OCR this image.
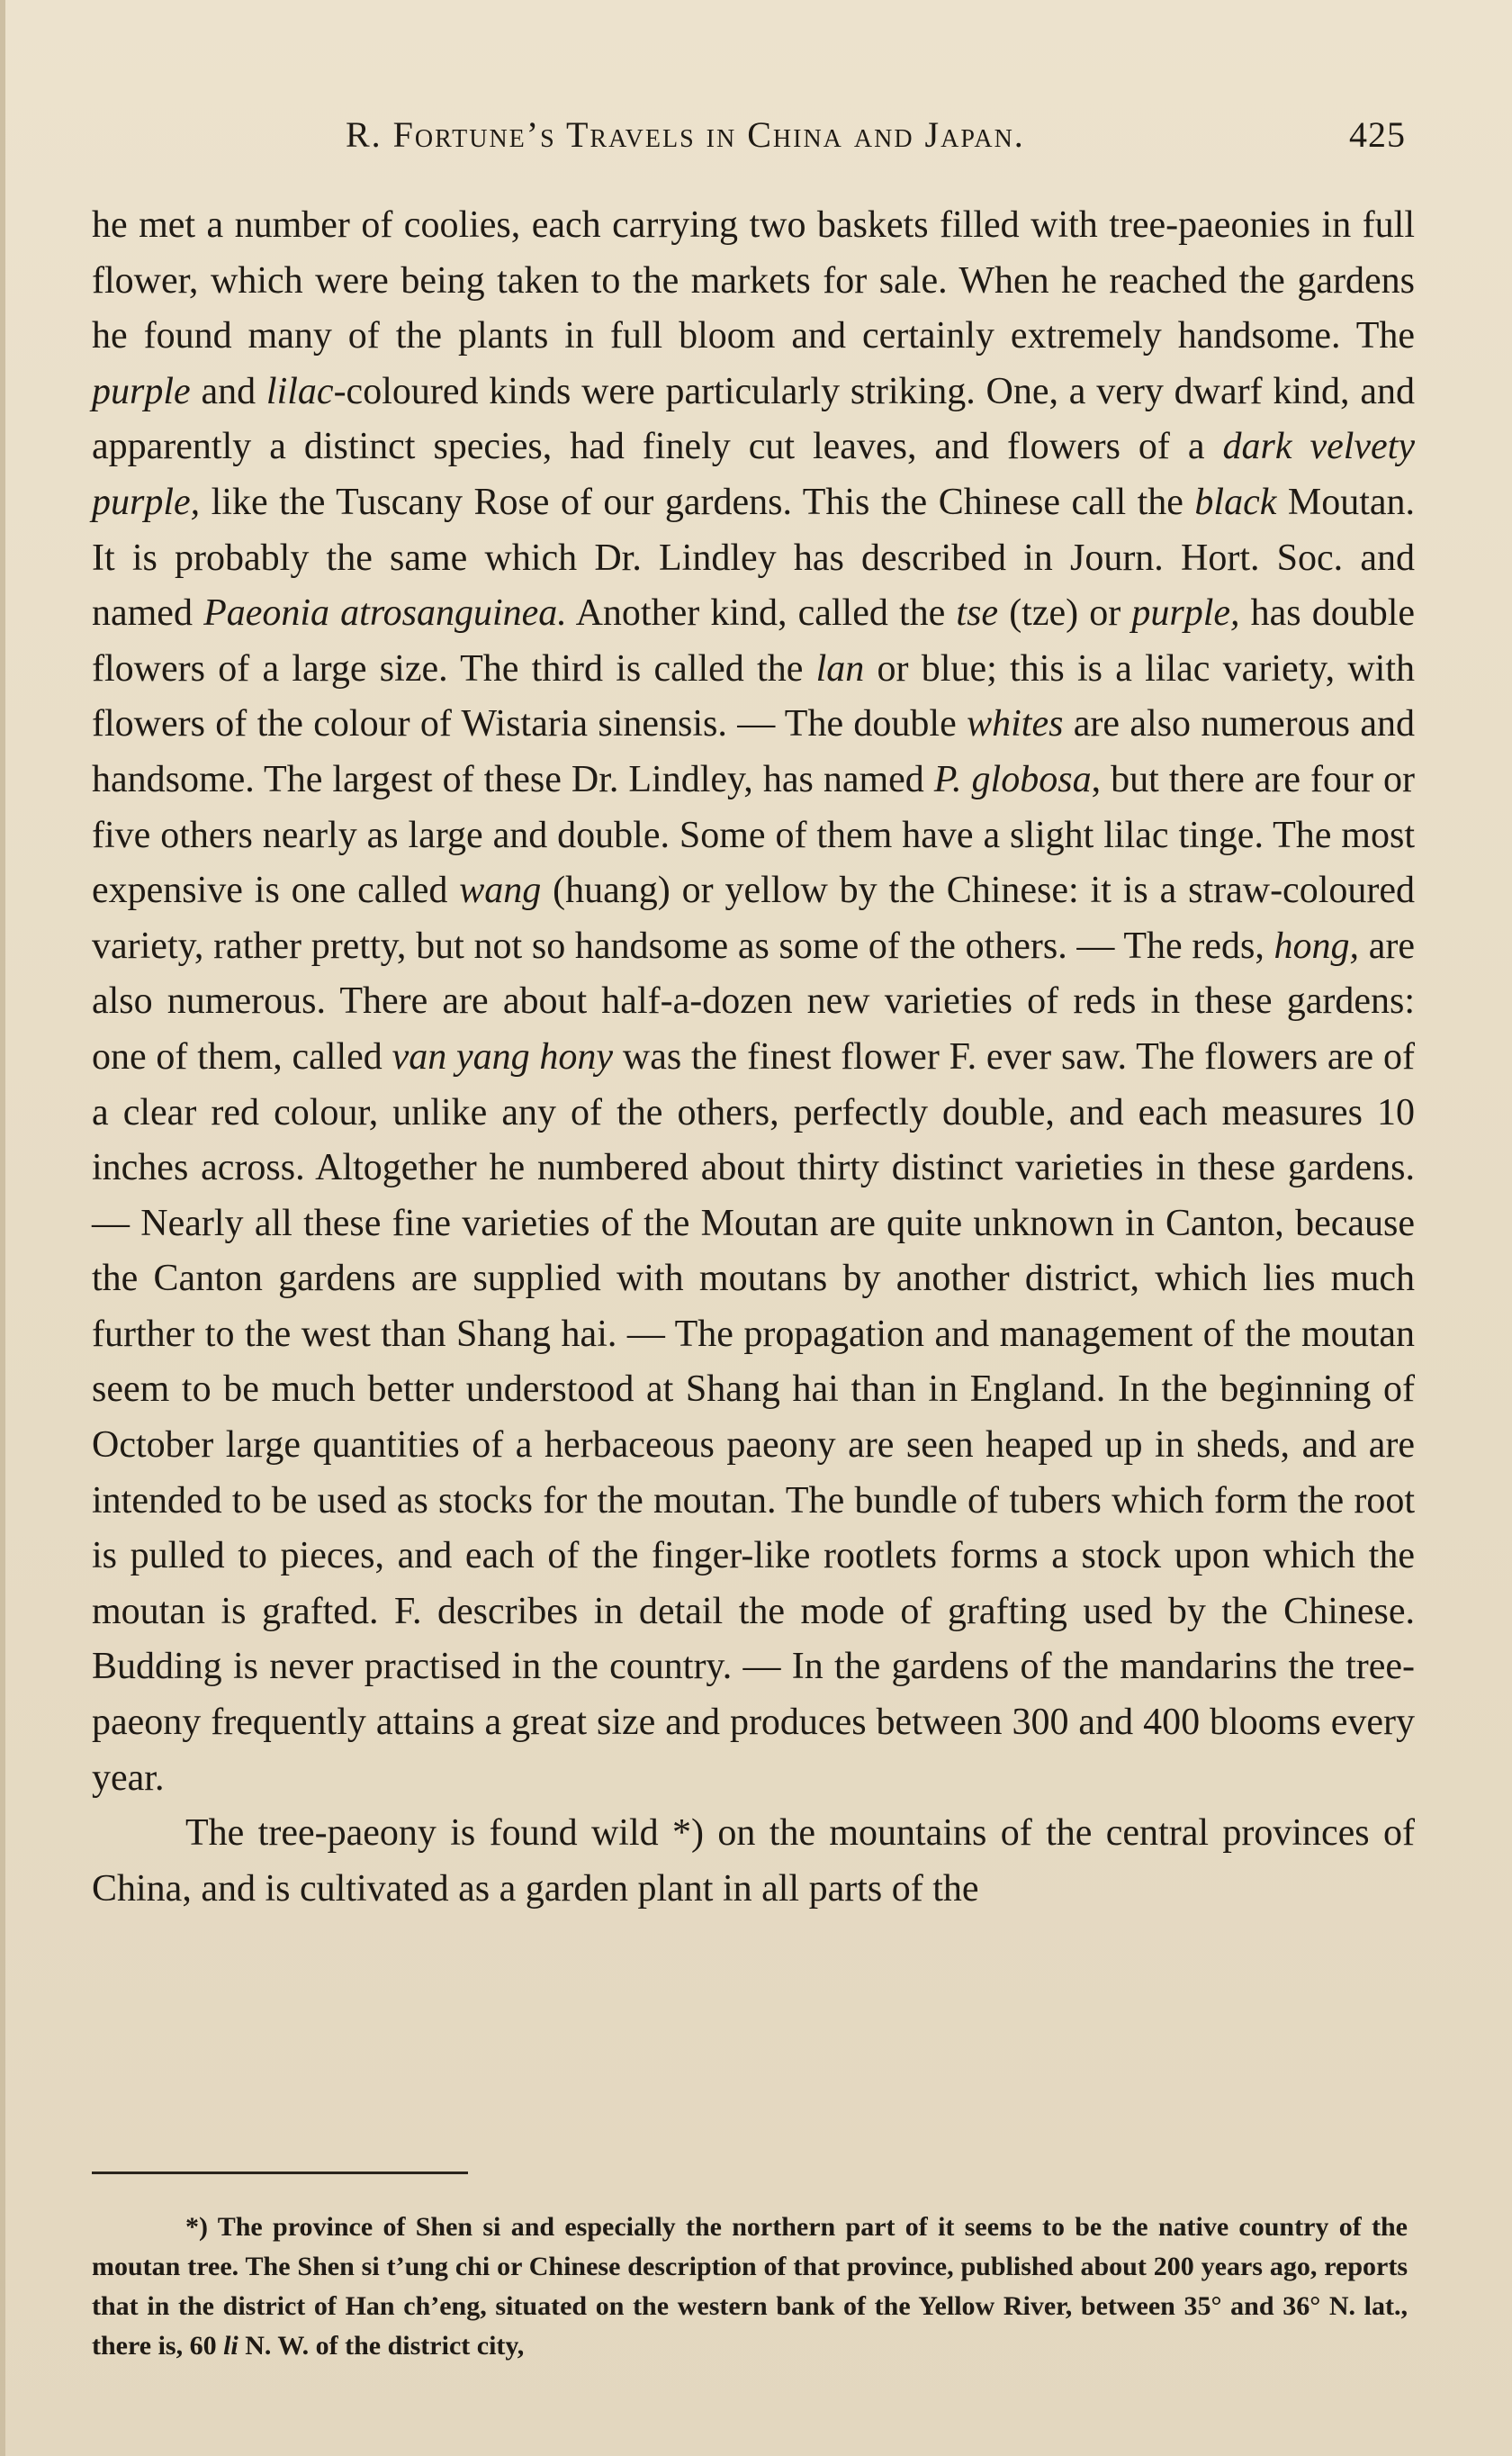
R. Fortune’s Travels in China and Japan.	425

he met a number of coolies, each carrying two baskets filled with tree-paeonies in full flower, which were being taken to the markets for sale. When he reached the gardens he found many of the plants in full bloom and certainly extremely handsome. The purple and lilac-coloured kinds were particularly striking. One, a very dwarf kind, and apparently a distinct species, had finely cut leaves, and flowers of a dark velvety purple, like the Tuscany Rose of our gardens. This the Chinese call the black Moutan. It is probably the same which Dr. Lindley has described in Journ. Hort. Soc. and named Paeonia atrosanguinea. Another kind, called the tse (tze) or purple, has double flowers of a large size. The third is called the lan or blue; this is a lilac variety, with flowers of the colour of Wistaria sinensis. — The double whites are also numerous and handsome. The largest of these Dr. Lindley, has named P. globosa, but there are four or five others nearly as large and double. Some of them have a slight lilac tinge. The most expensive is one called wang (huang) or yellow by the Chinese: it is a straw-coloured variety, rather pretty, but not so handsome as some of the others. — The reds, hong, are also numerous. There are about half-a-dozen new varieties of reds in these gardens: one of them, called van yang hony was the finest flower F. ever saw. The flowers are of a clear red colour, unlike any of the others, perfectly double, and each measures 10 inches across. Altogether he numbered about thirty distinct varieties in these gardens. — Nearly all these fine varieties of the Moutan are quite unknown in Canton, because the Canton gardens are supplied with moutans by another district, which lies much further to the west than Shang hai. — The propagation and management of the moutan seem to be much better understood at Shang hai than in England. In the beginning of October large quantities of a herbaceous paeony are seen heaped up in sheds, and are intended to be used as stocks for the moutan. The bundle of tubers which form the root is pulled to pieces, and each of the finger-like rootlets forms a stock upon which the moutan is grafted. F. describes in detail the mode of grafting used by the Chinese. Budding is never practised in the country. — In the gardens of the mandarins the tree-paeony frequently attains a great size and produces between 300 and 400 blooms every year.

The tree-paeony is found wild *) on the mountains of the central provinces of China, and is cultivated as a garden plant in all parts of the

*) The province of Shen si and especially the northern part of it seems to be the native country of the moutan tree. The Shen si t’ung chi or Chinese description of that province, published about 200 years ago, reports that in the district of Han ch’eng, situated on the western bank of the Yellow River, between 35° and 36° N. lat., there is, 60 li N. W. of the district city,
